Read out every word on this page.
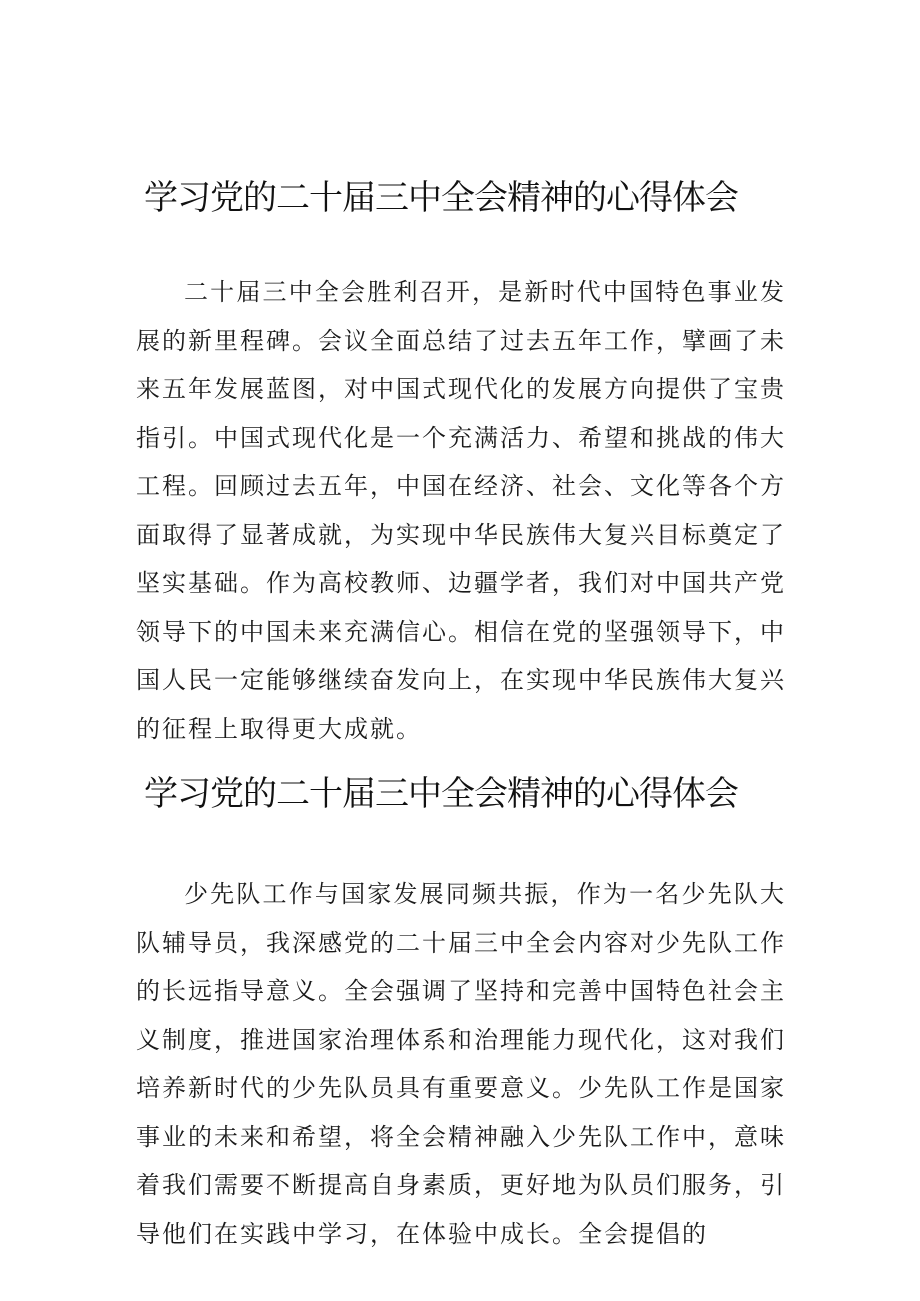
学习党的二十届三中全会精神的心得体会

二十届三中全会胜利召开，是新时代中国特色事业发展的新里程碑。会议全面总结了过去五年工作，擘画了未来五年发展蓝图，对中国式现代化的发展方向提供了宝贵指引。中国式现代化是一个充满活力、希望和挑战的伟大工程。回顾过去五年，中国在经济、社会、文化等各个方面取得了显著成就，为实现中华民族伟大复兴目标奠定了坚实基础。作为高校教师、边疆学者，我们对中国共产党领导下的中国未来充满信心。相信在党的坚强领导下，中国人民一定能够继续奋发向上，在实现中华民族伟大复兴的征程上取得更大成就。

学习党的二十届三中全会精神的心得体会

少先队工作与国家发展同频共振，作为一名少先队大队辅导员，我深感党的二十届三中全会内容对少先队工作的长远指导意义。全会强调了坚持和完善中国特色社会主义制度，推进国家治理体系和治理能力现代化，这对我们培养新时代的少先队员具有重要意义。少先队工作是国家事业的未来和希望，将全会精神融入少先队工作中，意味着我们需要不断提高自身素质，更好地为队员们服务，引导他们在实践中学习，在体验中成长。全会提倡的
